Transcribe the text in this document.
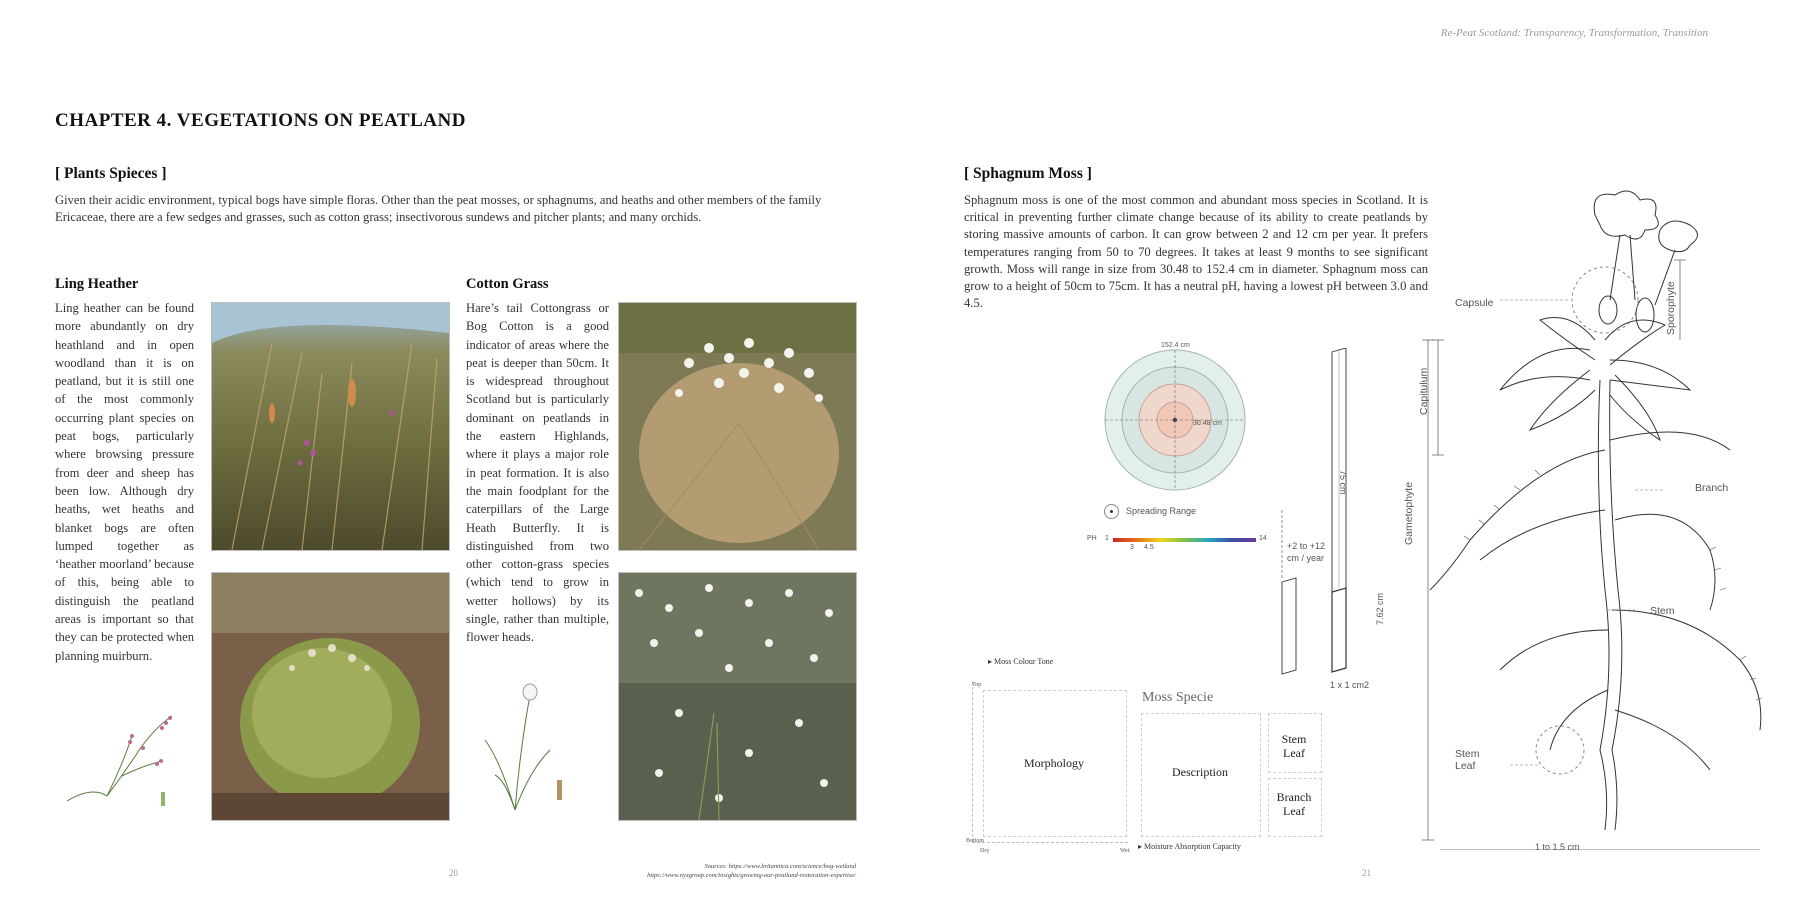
Re-Peat Scotland: Transparency, Transformation, Transition
CHAPTER 4. VEGETATIONS ON PEATLAND
[ Plants Spieces ]
Given their acidic environment, typical bogs have simple floras. Other than the peat mosses, or sphagnums, and heaths and other members of the family Ericaceae, there are a few sedges and grasses, such as cotton grass; insectivorous sundews and pitcher plants; and many orchids.
Ling Heather
Ling heather can be found more abundantly on dry heathland and in open woodland than it is on peatland, but it is still one of the most commonly occurring plant species on peat bogs, particularly where browsing pressure from deer and sheep has been low. Although dry heaths, wet heaths and blanket bogs are often lumped together as ‘heather moorland’ because of this, being able to distinguish the peatland areas is important so that they can be protected when planning muirburn.
Cotton Grass
Hare’s tail Cottongrass or Bog Cotton is a good indicator of areas where the peat is deeper than 50cm. It is widespread throughout Scotland but is particularly dominant on peatlands in the eastern Highlands, where it plays a major role in peat formation. It is also the main foodplant for the caterpillars of the Large Heath Butterfly. It is distinguished from two other cotton-grass species (which tend to grow in wetter hollows) by its single, rather than multiple, flower heads.
20
Sources: https://www.britannica.com/science/bog-wetland
https://www.nyxgroup.com/insights/growing-our-peatland-restoration-expertise/
[ Sphagnum Moss ]
Sphagnum moss is one of the most common and abundant moss species in Scotland. It is critical in preventing further climate change because of its ability to create peatlands by storing massive amounts of carbon. It can grow between 2 and 12 cm per year. It prefers temperatures ranging from 50 to 70 degrees. It takes at least 9 months to see significant growth. Moss will range in size from 30.48 to 152.4 cm in diameter. Sphagnum moss can grow to a height of 50cm to 75cm. It has a neutral pH, having a lowest pH between 3.0 and 4.5.
152.4 cm
30.48 cm
Spreading Range
PH 1	14
3 4.5	+2 to +12 cm / year
75 cm
7.62 cm
1 x 1 cm2
▸ Moss Colour Tone
Top
Bottom
Dry	Wet ▸ Moisture Absorption Capacity
Morphology
Moss Specie
Description
Stem
Leaf
Branch
Leaf
Capsule	Sporophyte
Capitulum
Branch
Gametophyte
Stem
Stem Leaf
1 to 1.5 cm
21
